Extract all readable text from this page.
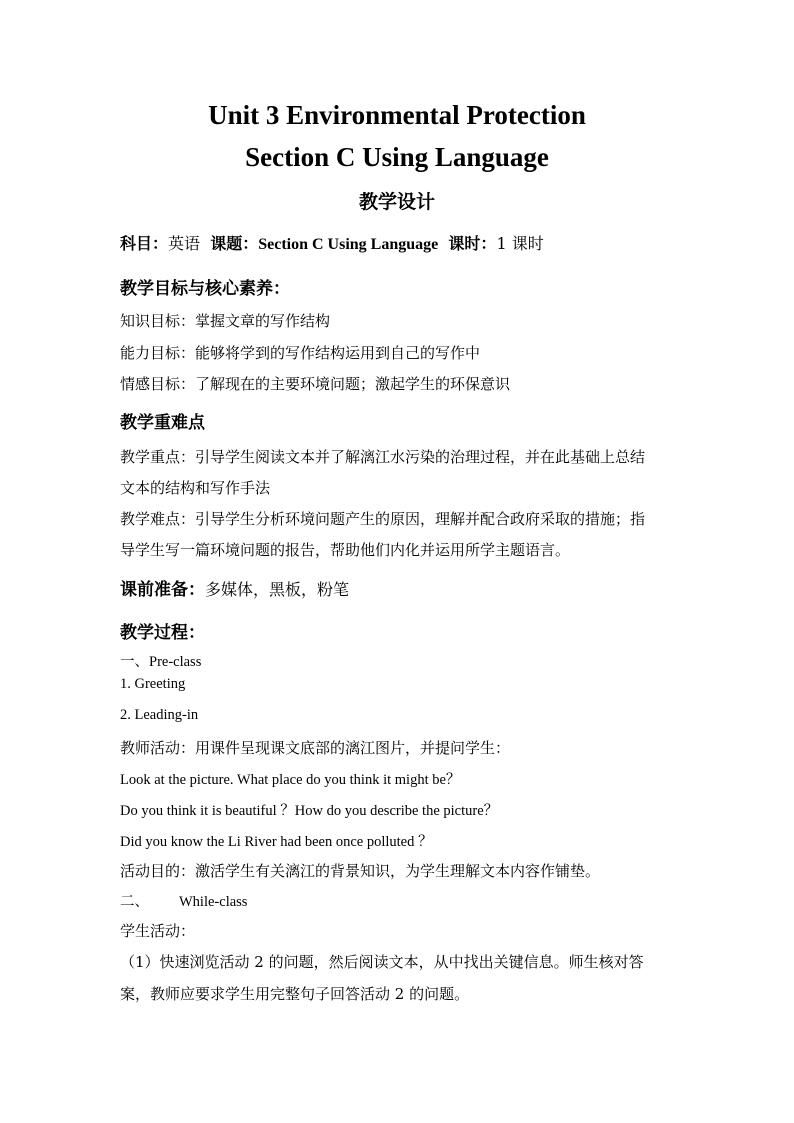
Unit 3 Environmental Protection
Section C Using Language
教学设计
科目：英语 课题：Section C Using Language 课时：1 课时
教学目标与核心素养：
知识目标：掌握文章的写作结构
能力目标：能够将学到的写作结构运用到自己的写作中
情感目标：了解现在的主要环境问题；激起学生的环保意识
教学重难点
教学重点：引导学生阅读文本并了解漓江水污染的治理过程，并在此基础上总结
文本的结构和写作手法
教学难点：引导学生分析环境问题产生的原因，理解并配合政府采取的措施；指
导学生写一篇环境问题的报告，帮助他们内化并运用所学主题语言。
课前准备：多媒体，黑板，粉笔
教学过程：
一、Pre-class
1. Greeting
2. Leading-in
教师活动：用课件呈现课文底部的漓江图片，并提问学生：
Look at the picture. What place do you think it might be？
Do you think it is beautiful ？How do you describe the picture？
Did you know the Li River had been once polluted ？
活动目的：激活学生有关漓江的背景知识，为学生理解文本内容作铺垫。
二、 While-class
学生活动：
（1）快速浏览活动 2 的问题，然后阅读文本，从中找出关键信息。师生核对答
案，教师应要求学生用完整句子回答活动 2 的问题。
